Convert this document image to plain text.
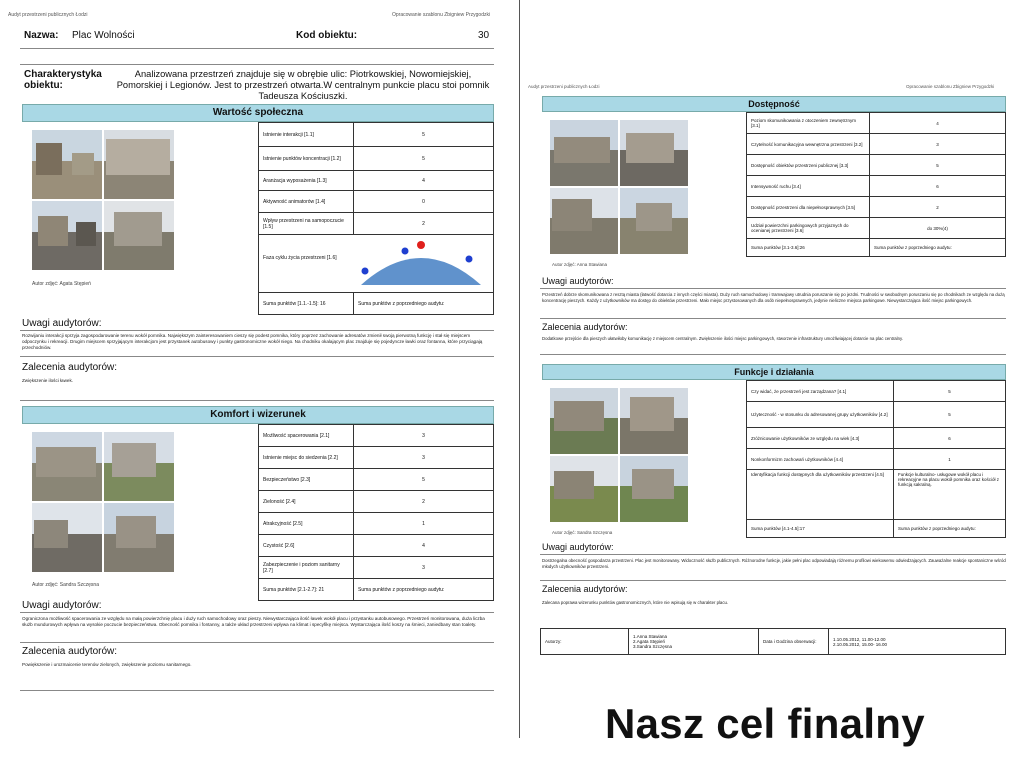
Audyt przestrzeni publicznych Łodzi	Opracowanie szablonu Zbigniew Przygodzki
Nazwa: Plac Wolności	Kod obiektu:	30
Charakterystyka obiektu:
Analizowana przestrzeń znajduje się w obrębie ulic: Piotrkowskiej, Nowomiejskiej, Pomorskiej i Legionów. Jest to przestrzeń otwarta.W centralnym punkcie placu stoi pomnik Tadeusza Kościuszki.
Wartość społeczna
Autor zdjęć: Agata Stępień
Istnienie interakcji [1.1]	5
Istnienie punktów koncentracji [1.2]	5
Aranżacja wyposażenia [1.3]	4
Aktywność animatorów [1.4]	0
Wpływ przestrzeni na samopoczucie [1.5]	2

Faza cyklu życia przestrzeni [1.6]	

Suma punktów [1.1.-1.5]: 16	Suma punktów z poprzedniego audytu:
Uwagi audytorów:
Rozwijaniu interakcji sprzyja zagospodarowanie terenu wokół pomnika. Największym zainteresowaniem cieszy się podest pomnika, który poprzez zachowanie adresatów zmienił swoją pierwotną funkcję i stał się miejscem odpoczynku i rekreacji. Drugim miejscem sprzyjającym interakcjom jest przystanek autobusowy i punkty gastronomiczne wokół niego. Na chodniku okalającym plac znajduje się pojedyncze ławki oraz fontanna, które przyciągają przechodniów.
Zalecenia audytorów:
Zwiększenie ilości ławek.
Komfort i wizerunek
Autor zdjęć: Sandra Szczęsna
Możliwość spacerowania [2.1]	3
Istnienie miejsc do siedzenia [2.2]	3
Bezpieczeństwo [2.3]	5
Zieloność [2.4]	2
Atrakcyjność [2.5]	1
Czystość [2.6]	4
Zabezpieczenie i poziom sanitarny [2.7]	3
Suma punktów [2.1-2.7]: 21	Suma punktów z poprzedniego audytu:
Uwagi audytorów:
Ograniczona możliwość spacerowania ze względu na małą powierzchnię placu i duży ruch samochodowy oraz pieszy. Niewystarczająca ilość ławek wokół placu i przystanku autobusowego. Przestrzeń monitorowana, duża liczba służb mundurowych wpływa na wysokie poczucie bezpieczeństwa. Obecność pomnika i fontanny, a także układ przestrzeni wpływa na klimat i specyfikę miejsca. Wystarczająca ilość koszy na śmieci, zaniedbany stan toalety.
Zalecenia audytorów:
Powiększenie i urozmaicenie terenów zielonych, zwiększenie poziomu sanitarnego.
Audyt przestrzeni publicznych Łodzi	Opracowanie szablonu Zbigniew Przygodzki
Dostępność
Autor zdjęć: Anna Stawiana
Poziom skomunikowania z otoczeniem zewnętrznym [3.1]	4
Czytelność komunikacyjna wewnętrzna przestrzeni [3.2]	3
Dostępność obiektów przestrzeni publicznej [3.3]	5
Intensywność ruchu [3.4]	6
Dostępność przestrzeni dla niepełnosprawnych [3.5]	2
Udział powierzchni parkingowych przyjaznych do ocenianej przestrzeni [3.6]	do 30%(4)
Suma punktów [3.1-3.6]:26	Suma punktów z poprzedniego audytu:
Uwagi audytorów:
Przestrzeń dobrze skomunikowana z resztą miasta (łatwość dotarcia z innych części miasta). Duży ruch samochodowy i tramwajowy utrudnia poruszanie się po jezdni. Trudności w swobodnym poruszaniu się po chodnikach ze względu na dużą koncentrację pieszych. Każdy z użytkowników ma dostęp do obiektów przestrzeni. Mało miejsc przystosowanych dla osób niepełnosprawnych, jedynie nieliczne miejsca parkingowe. Niewystarczająca ilość miejsc parkingowych.
Zalecenia audytorów:
Dodatkowe przejście dla pieszych ułatwiłoby komunikację z miejscem centralnym. Zwiększenie ilości miejsc parkingowych, stworzenie infrastruktury umożliwiającej dotarcie na plac centralny.
Funkcje i działania
Autor zdjęć: Sandra Szczęsna
Czy widać, że przestrzeń jest zarządzana? [4.1]	5
Użyteczność - w stosunku do adresowanej grupy użytkowników [4.2]	5
Zróżnicowanie użytkowników ze względu na wiek [4.3]	6
Nonkonformizm zachowań użytkowników [4.4]	1
Identyfikacja funkcji dostępnych dla użytkowników przestrzeni [4.5]	Funkcje kulturalno- usługowe wokół placu i rekreacyjne na placu wokół pomnika oraz kościół z funkcją sakralną.
Suma punktów [4.1-4.5]:17	Suma punktów z poprzedniego audytu:
Uwagi audytorów:
Dostrzegalna obecność gospodarza przestrzeni. Plac jest monitorowany. Widoczność służb publicznych. Różnorodne funkcje, jakie pełni plac odpowiadają różnemu profilowi wiekowemu odwiedzających. Zauważalne reakcje spontaniczne wśród młodych użytkowników przestrzeni.
Zalecenia audytorów:
Zalecana poprawa wizerunku punktów gastronomicznych, które nie wpisują się w charakter placu.
Autorzy:	1.Anna Stawiana
2.Agata Stępień
3.Sandra Szczęsna	Data i Godzina obserwacji:	1.10.05.2012, 11.00-12.00
2.10.05.2012, 15.00- 16.00
Nasz cel finalny
